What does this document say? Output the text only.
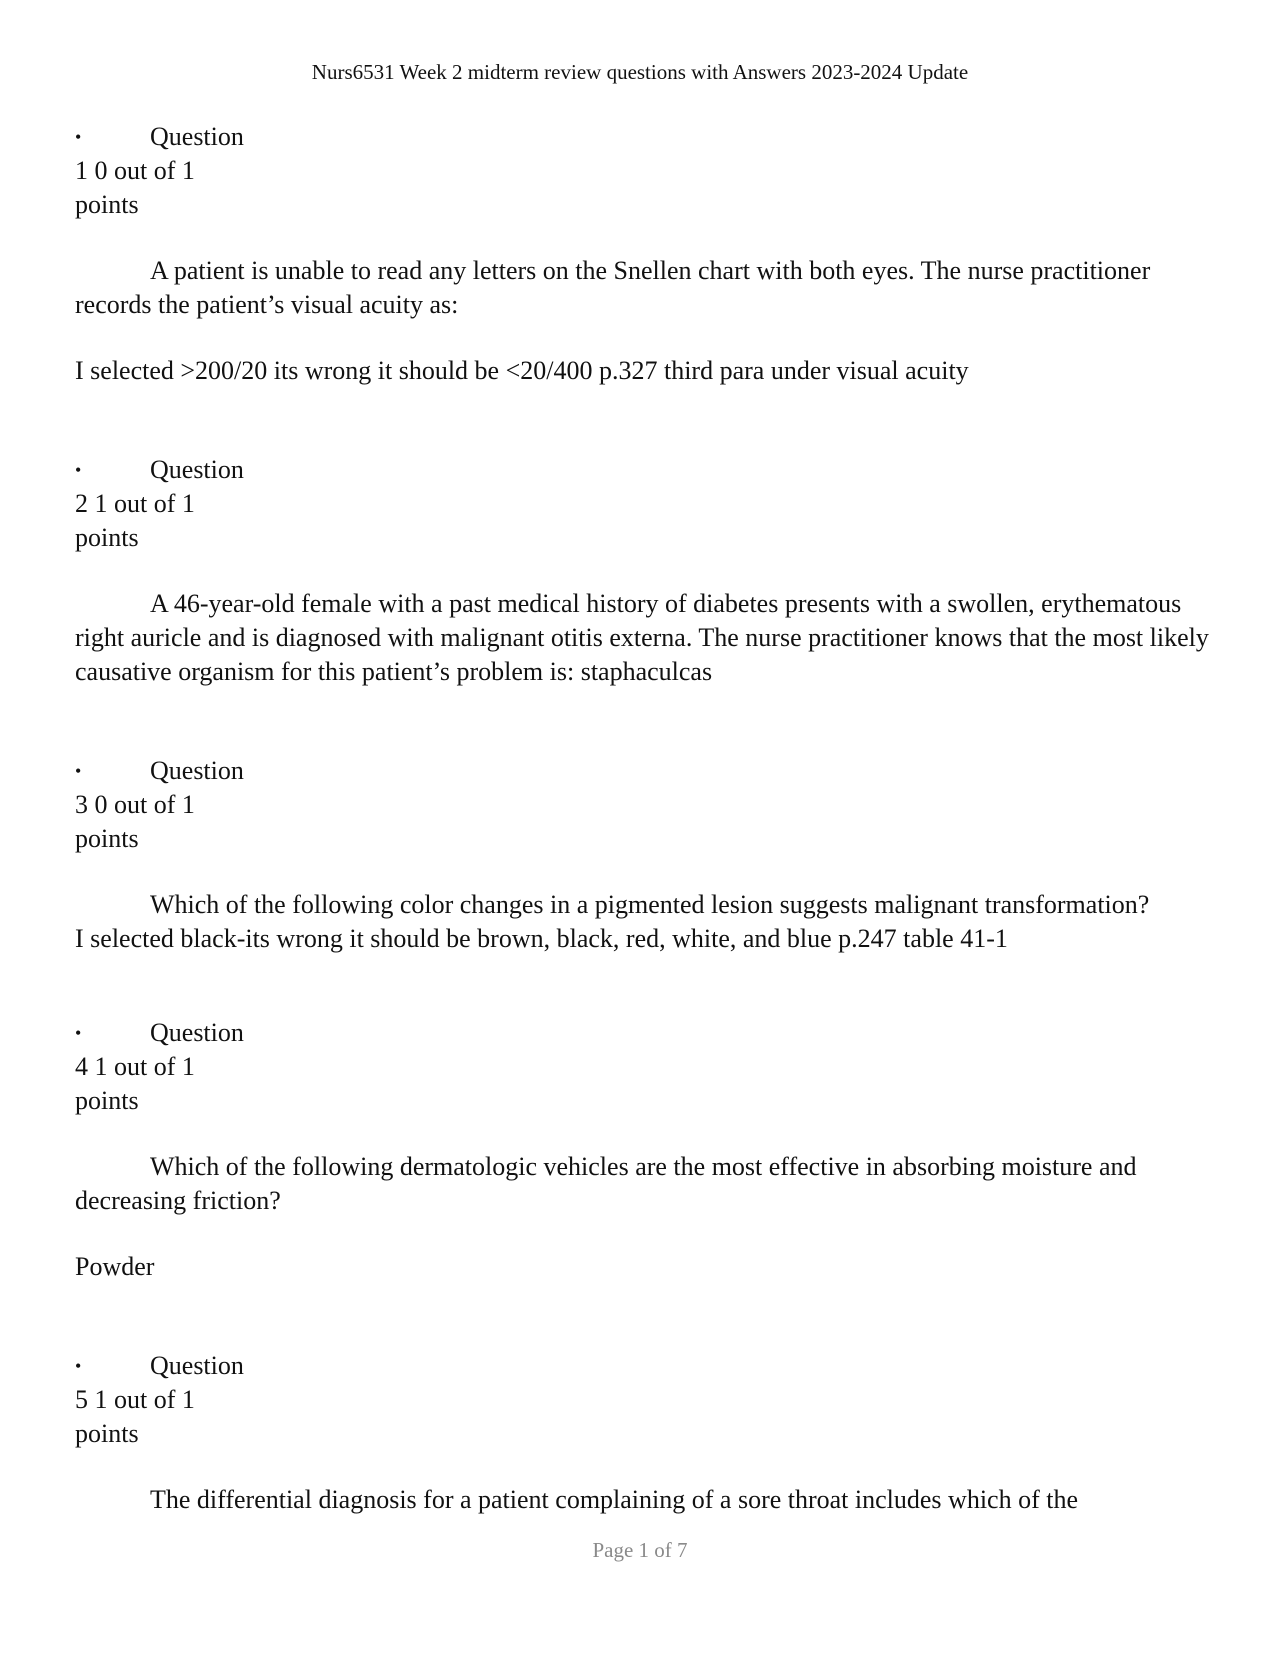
Nurs6531 Week 2 midterm review questions with Answers 2023-2024 Update
•	Question
1 0 out of 1
points
A patient is unable to read any letters on the Snellen chart with both eyes. The nurse practitioner records the patient’s visual acuity as:
I selected >200/20 its wrong it should be <20/400 p.327 third para under visual acuity
•	Question
2 1 out of 1
points
A 46-year-old female with a past medical history of diabetes presents with a swollen, erythematous right auricle and is diagnosed with malignant otitis externa. The nurse practitioner knows that the most likely causative organism for this patient’s problem is: staphaculcas
•	Question
3 0 out of 1
points
Which of the following color changes in a pigmented lesion suggests malignant transformation?
I selected black-its wrong it should be brown, black, red, white, and blue p.247 table 41-1
•	Question
4 1 out of 1
points
Which of the following dermatologic vehicles are the most effective in absorbing moisture and decreasing friction?
Powder
•	Question
5 1 out of 1
points
The differential diagnosis for a patient complaining of a sore throat includes which of the
Page 1 of 7
